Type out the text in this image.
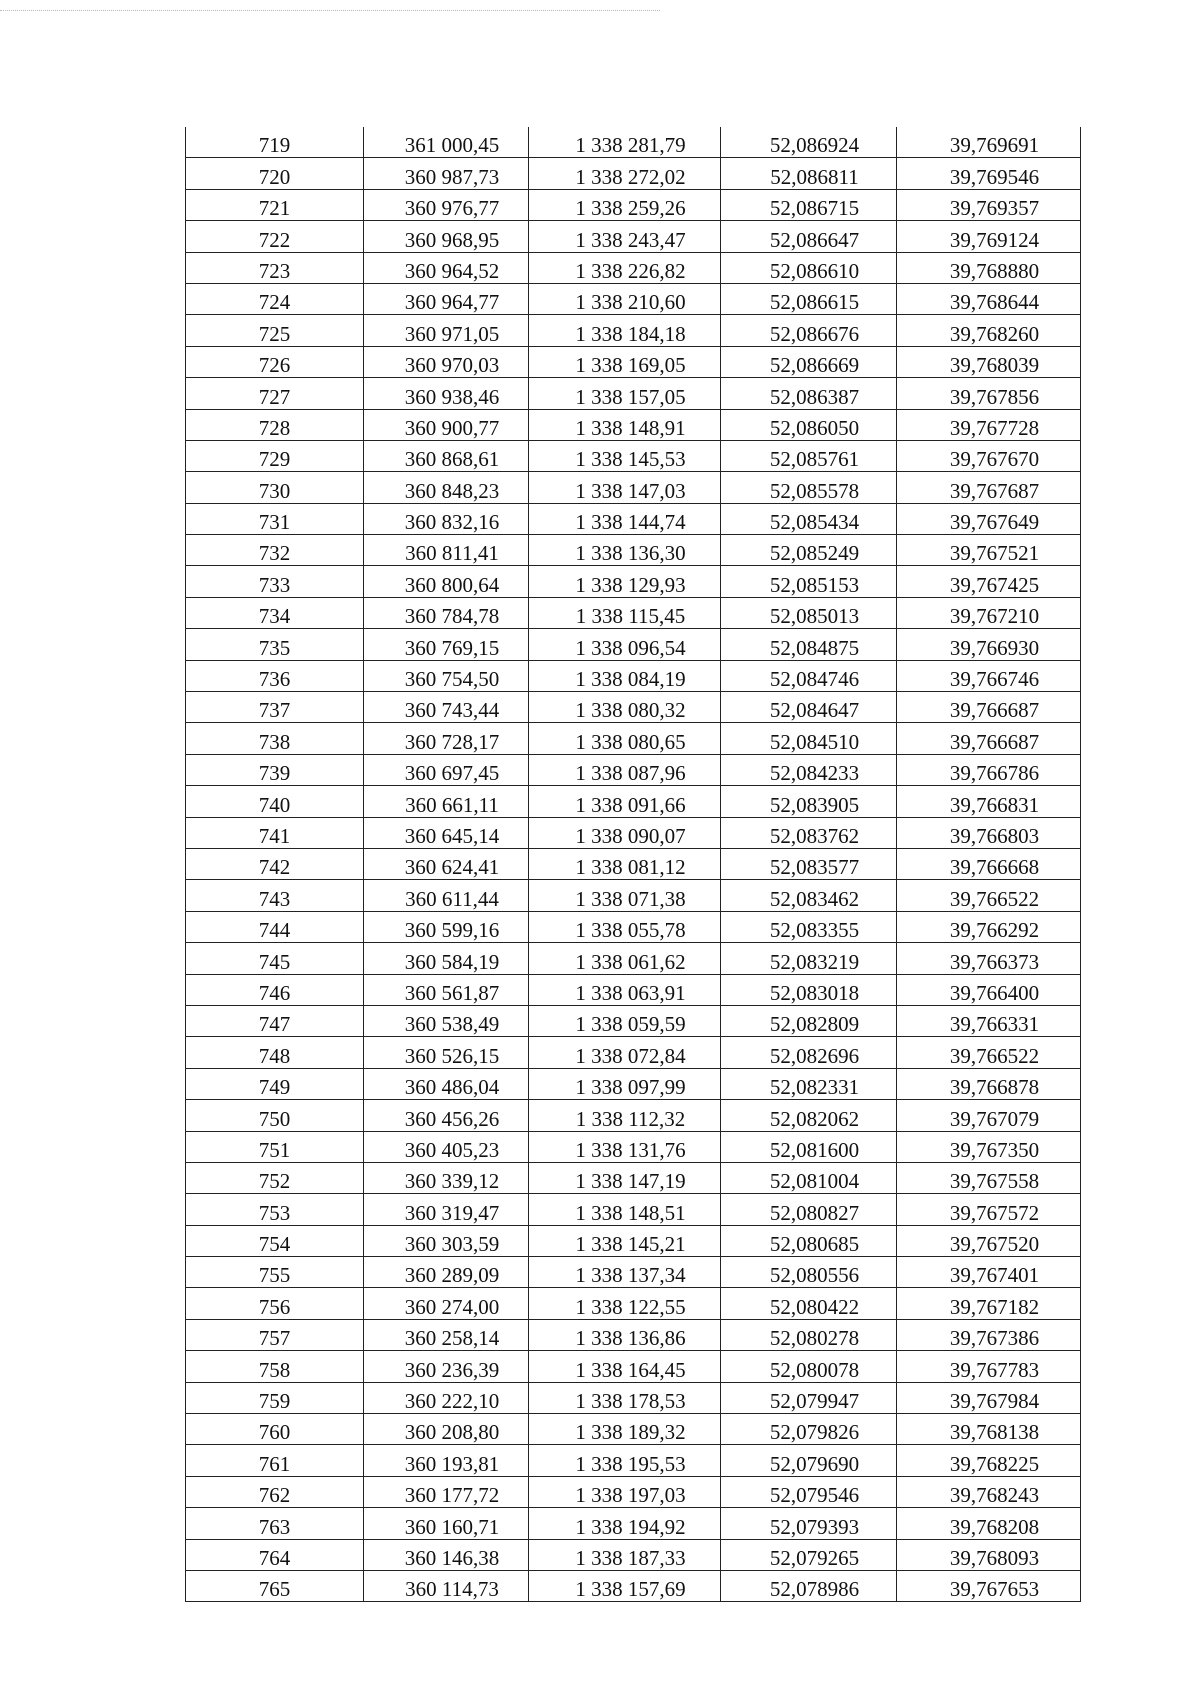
719	361 000,45	1 338 281,79	52,086924	39,769691
720	360 987,73	1 338 272,02	52,086811	39,769546
721	360 976,77	1 338 259,26	52,086715	39,769357
722	360 968,95	1 338 243,47	52,086647	39,769124
723	360 964,52	1 338 226,82	52,086610	39,768880
724	360 964,77	1 338 210,60	52,086615	39,768644
725	360 971,05	1 338 184,18	52,086676	39,768260
726	360 970,03	1 338 169,05	52,086669	39,768039
727	360 938,46	1 338 157,05	52,086387	39,767856
728	360 900,77	1 338 148,91	52,086050	39,767728
729	360 868,61	1 338 145,53	52,085761	39,767670
730	360 848,23	1 338 147,03	52,085578	39,767687
731	360 832,16	1 338 144,74	52,085434	39,767649
732	360 811,41	1 338 136,30	52,085249	39,767521
733	360 800,64	1 338 129,93	52,085153	39,767425
734	360 784,78	1 338 115,45	52,085013	39,767210
735	360 769,15	1 338 096,54	52,084875	39,766930
736	360 754,50	1 338 084,19	52,084746	39,766746
737	360 743,44	1 338 080,32	52,084647	39,766687
738	360 728,17	1 338 080,65	52,084510	39,766687
739	360 697,45	1 338 087,96	52,084233	39,766786
740	360 661,11	1 338 091,66	52,083905	39,766831
741	360 645,14	1 338 090,07	52,083762	39,766803
742	360 624,41	1 338 081,12	52,083577	39,766668
743	360 611,44	1 338 071,38	52,083462	39,766522
744	360 599,16	1 338 055,78	52,083355	39,766292
745	360 584,19	1 338 061,62	52,083219	39,766373
746	360 561,87	1 338 063,91	52,083018	39,766400
747	360 538,49	1 338 059,59	52,082809	39,766331
748	360 526,15	1 338 072,84	52,082696	39,766522
749	360 486,04	1 338 097,99	52,082331	39,766878
750	360 456,26	1 338 112,32	52,082062	39,767079
751	360 405,23	1 338 131,76	52,081600	39,767350
752	360 339,12	1 338 147,19	52,081004	39,767558
753	360 319,47	1 338 148,51	52,080827	39,767572
754	360 303,59	1 338 145,21	52,080685	39,767520
755	360 289,09	1 338 137,34	52,080556	39,767401
756	360 274,00	1 338 122,55	52,080422	39,767182
757	360 258,14	1 338 136,86	52,080278	39,767386
758	360 236,39	1 338 164,45	52,080078	39,767783
759	360 222,10	1 338 178,53	52,079947	39,767984
760	360 208,80	1 338 189,32	52,079826	39,768138
761	360 193,81	1 338 195,53	52,079690	39,768225
762	360 177,72	1 338 197,03	52,079546	39,768243
763	360 160,71	1 338 194,92	52,079393	39,768208
764	360 146,38	1 338 187,33	52,079265	39,768093
765	360 114,73	1 338 157,69	52,078986	39,767653
